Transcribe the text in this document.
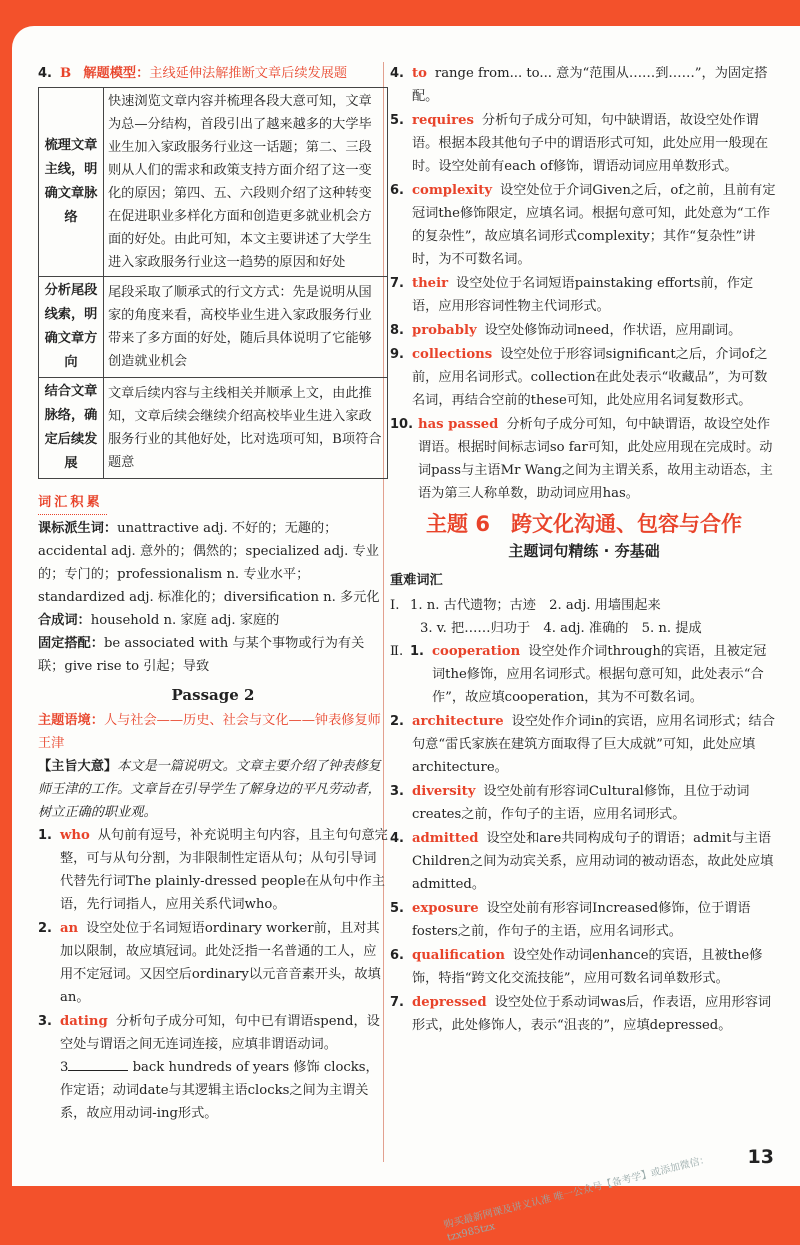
4. B 解题模型：主线延伸法解推断文章后续发展题
梳理文章主线，明确文章脉络	快速浏览文章内容并梳理各段大意可知，文章为总—分结构，首段引出了越来越多的大学毕业生加入家政服务行业这一话题；第二、三段则从人们的需求和政策支持方面介绍了这一变化的原因；第四、五、六段则介绍了这种转变在促进职业多样化方面和创造更多就业机会方面的好处。由此可知，本文主要讲述了大学生进入家政服务行业这一趋势的原因和好处
分析尾段线索，明确文章方向	尾段采取了顺承式的行文方式：先是说明从国家的角度来看，高校毕业生进入家政服务行业带来了多方面的好处，随后具体说明了它能够创造就业机会
结合文章脉络，确定后续发展	文章后续内容与主线相关并顺承上文，由此推知，文章后续会继续介绍高校毕业生进入家政服务行业的其他好处，比对选项可知，B项符合题意
词汇积累
课标派生词：unattractive adj. 不好的；无趣的；accidental adj. 意外的；偶然的；specialized adj. 专业的；专门的；professionalism n. 专业水平；standardized adj. 标准化的；diversification n. 多元化
合成词：household n. 家庭 adj. 家庭的
固定搭配：be associated with 与某个事物或行为有关联；give rise to 引起；导致
Passage 2
主题语境：人与社会——历史、社会与文化——钟表修复师王津
【主旨大意】本文是一篇说明文。文章主要介绍了钟表修复师王津的工作。文章旨在引导学生了解身边的平凡劳动者，树立正确的职业观。
1. who 从句前有逗号，补充说明主句内容，且主句句意完整，可与从句分割，为非限制性定语从句；从句引导词代替先行词The plainly-dressed people在从句中作主语，先行词指人，应用关系代词who。
2. an 设空处位于名词短语ordinary worker前，且对其加以限制，故应填冠词。此处泛指一名普通的工人，应用不定冠词。又因空后ordinary以元音音素开头，故填an。
3. dating 分析句子成分可知，句中已有谓语spend，设空处与谓语之间无连词连接，应填非谓语动词。
3	back hundreds of years 修饰 clocks，作定语；动词date与其逻辑主语clocks之间为主谓关系，故应用动词-ing形式。
4. to range from... to... 意为“范围从……到……”，为固定搭配。
5. requires 分析句子成分可知，句中缺谓语，故设空处作谓语。根据本段其他句子中的谓语形式可知，此处应用一般现在时。设空处前有each of修饰，谓语动词应用单数形式。
6. complexity 设空处位于介词Given之后，of之前，且前有定冠词the修饰限定，应填名词。根据句意可知，此处意为“工作的复杂性”，故应填名词形式complexity；其作“复杂性”讲时，为不可数名词。
7. their 设空处位于名词短语painstaking efforts前，作定语，应用形容词性物主代词形式。
8. probably 设空处修饰动词need，作状语，应用副词。
9. collections 设空处位于形容词significant之后，介词of之前，应用名词形式。collection在此处表示“收藏品”，为可数名词，再结合空前的these可知，此处应用名词复数形式。
10. has passed 分析句子成分可知，句中缺谓语，故设空处作谓语。根据时间标志词so far可知，此处应用现在完成时。动词pass与主语Mr Wang之间为主谓关系，故用主动语态，主语为第三人称单数，助动词应用has。
主题 6　跨文化沟通、包容与合作
主题词句精练 · 夯基础
重难词汇
Ⅰ. 1. n. 古代遗物；古迹　2. adj. 用墙围起来
3. v. 把……归功于　4. adj. 准确的　5. n. 提成
Ⅱ. 1. cooperation 设空处作介词through的宾语，且被定冠词the修饰，应用名词形式。根据句意可知，此处表示“合作”，故应填cooperation，其为不可数名词。
2. architecture 设空处作介词in的宾语，应用名词形式；结合句意“雷氏家族在建筑方面取得了巨大成就”可知，此处应填architecture。
3. diversity 设空处前有形容词Cultural修饰，且位于动词creates之前，作句子的主语，应用名词形式。
4. admitted 设空处和are共同构成句子的谓语；admit与主语Children之间为动宾关系，应用动词的被动语态，故此处应填admitted。
5. exposure 设空处前有形容词Increased修饰，位于谓语fosters之前，作句子的主语，应用名词形式。
6. qualification 设空处作动词enhance的宾语，且被the修饰，特指“跨文化交流技能”，应用可数名词单数形式。
7. depressed 设空处位于系动词was后，作表语，应用形容词形式，此处修饰人，表示“沮丧的”，应填depressed。
购买最新网课及讲义认准 唯一公众号【备考学】或添加微信：tzx985tzx
13
